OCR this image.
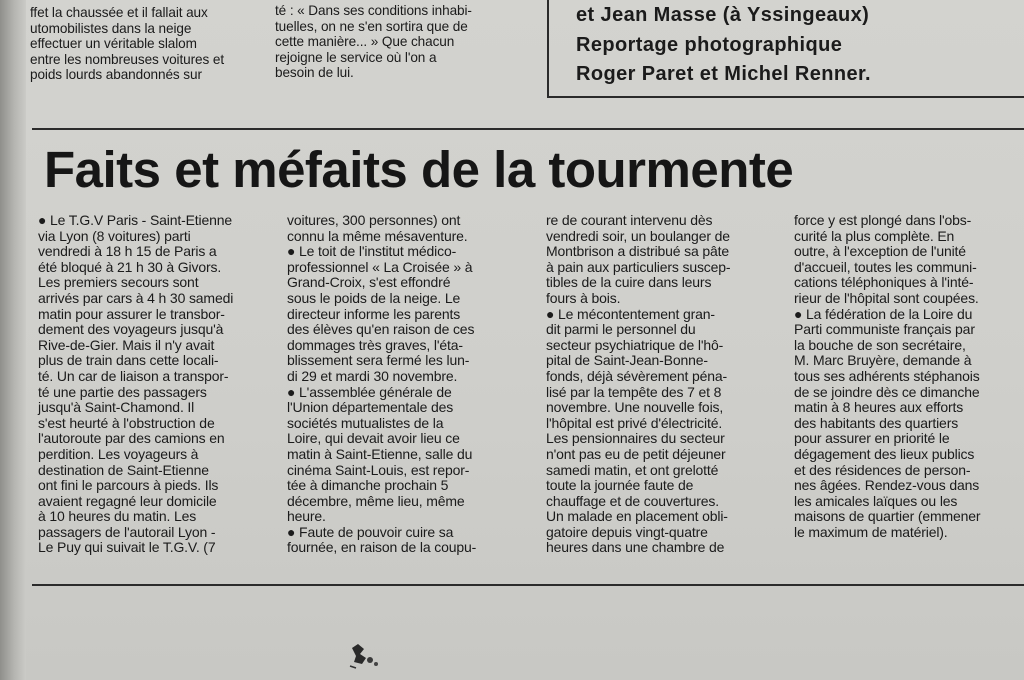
ffet la chaussée et il fallait aux
utomobilistes dans la neige
effectuer un véritable slalom
entre les nombreuses voitures et
poids lourds abandonnés sur
té : « Dans ses conditions inhabi-
tuelles, on ne s'en sortira que de
cette manière... » Que chacun
rejoigne le service où l'on a
besoin de lui.
et Jean Masse (à Yssingeaux)
Reportage photographique
Roger Paret et Michel Renner.
Faits et méfaits de la tourmente
● Le T.G.V Paris - Saint-Etienne
via Lyon (8 voitures) parti
vendredi à 18 h 15 de Paris a
été bloqué à 21 h 30 à Givors.
Les premiers secours sont
arrivés par cars à 4 h 30 samedi
matin pour assurer le transbor-
dement des voyageurs jusqu'à
Rive-de-Gier. Mais il n'y avait
plus de train dans cette locali-
té. Un car de liaison a transpor-
té une partie des passagers
jusqu'à Saint-Chamond. Il
s'est heurté à l'obstruction de
l'autoroute par des camions en
perdition. Les voyageurs à
destination de Saint-Etienne
ont fini le parcours à pieds. Ils
avaient regagné leur domicile
à 10 heures du matin. Les
passagers de l'autorail Lyon -
Le Puy qui suivait le T.G.V. (7
voitures, 300 personnes) ont
connu la même mésaventure.
● Le toit de l'institut médico-
professionnel « La Croisée » à
Grand-Croix, s'est effondré
sous le poids de la neige. Le
directeur informe les parents
des élèves qu'en raison de ces
dommages très graves, l'éta-
blissement sera fermé les lun-
di 29 et mardi 30 novembre.
● L'assemblée générale de
l'Union départementale des
sociétés mutualistes de la
Loire, qui devait avoir lieu ce
matin à Saint-Etienne, salle du
cinéma Saint-Louis, est repor-
tée à dimanche prochain 5
décembre, même lieu, même
heure.
● Faute de pouvoir cuire sa
fournée, en raison de la coupu-
re de courant intervenu dès
vendredi soir, un boulanger de
Montbrison a distribué sa pâte
à pain aux particuliers suscep-
tibles de la cuire dans leurs
fours à bois.
● Le mécontentement gran-
dit parmi le personnel du
secteur psychiatrique de l'hô-
pital de Saint-Jean-Bonne-
fonds, déjà sévèrement péna-
lisé par la tempête des 7 et 8
novembre. Une nouvelle fois,
l'hôpital est privé d'électricité.
Les pensionnaires du secteur
n'ont pas eu de petit déjeuner
samedi matin, et ont grelotté
toute la journée faute de
chauffage et de couvertures.
Un malade en placement obli-
gatoire depuis vingt-quatre
heures dans une chambre de
force y est plongé dans l'obs-
curité la plus complète. En
outre, à l'exception de l'unité
d'accueil, toutes les communi-
cations téléphoniques à l'inté-
rieur de l'hôpital sont coupées.
● La fédération de la Loire du
Parti communiste français par
la bouche de son secrétaire,
M. Marc Bruyère, demande à
tous ses adhérents stéphanois
de se joindre dès ce dimanche
matin à 8 heures aux efforts
des habitants des quartiers
pour assurer en priorité le
dégagement des lieux publics
et des résidences de person-
nes âgées. Rendez-vous dans
les amicales laïques ou les
maisons de quartier (emmener
le maximum de matériel).
